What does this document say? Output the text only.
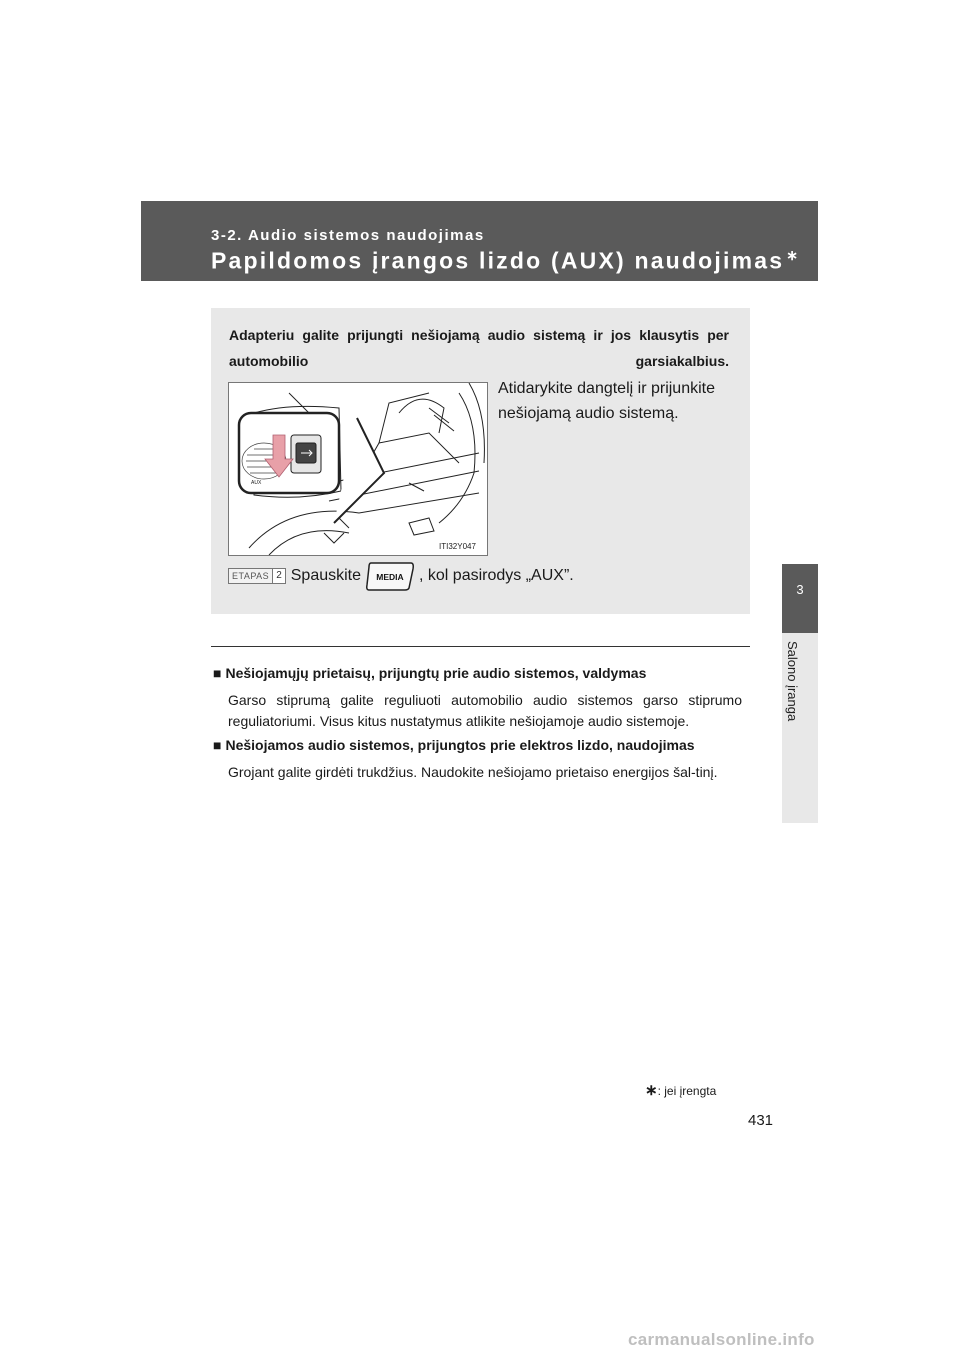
3-2. Audio sistemos naudojimas
Papildomos įrangos lizdo (AUX) naudojimas ∗
3
Salono įranga
Adapteriu galite prijungti nešiojamą audio sistemą ir jos klausytis per automobilio garsiakalbius.
AUX
ITI32Y047
Atidarykite dangtelį ir prijunkite nešiojamą audio sistemą.
ETAPAS 2 Spauskite MEDIA , kol pasirodys „AUX”.
■ Nešiojamųjų prietaisų, prijungtų prie audio sistemos, valdymas
Garso stiprumą galite reguliuoti automobilio audio sistemos garso stiprumo reguliatoriumi. Visus kitus nustatymus atlikite nešiojamoje audio sistemoje.
■ Nešiojamos audio sistemos, prijungtos prie elektros lizdo, naudojimas
Grojant galite girdėti trukdžius. Naudokite nešiojamo prietaiso energijos šal-tinį.
∗: jei įrengta
431
carmanualsonline.info
